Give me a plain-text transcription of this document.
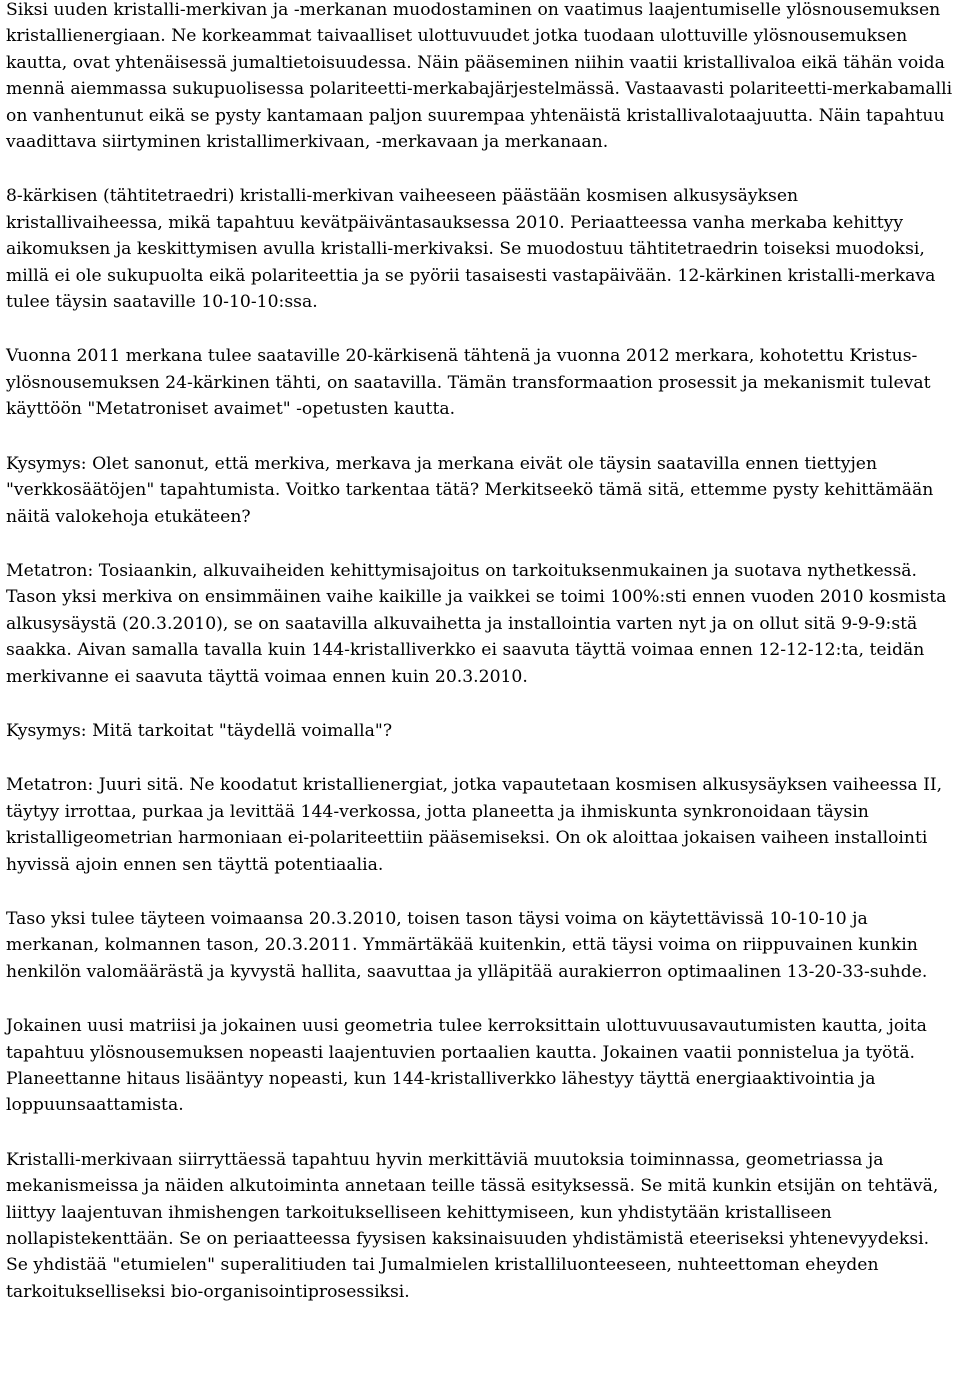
Siksi uuden kristalli-merkivan ja -merkanan muodostaminen on vaatimus laajentumiselle ylösnousemuksen kristallienergiaan. Ne korkeammat taivaalliset ulottuvuudet jotka tuodaan ulottuville ylösnousemuksen kautta, ovat yhtenäisessä jumaltietoisuudessa. Näin pääseminen niihin vaatii kristallivaloa eikä tähän voida mennä aiemmassa sukupuolisessa polariteetti-merkabajärjestelmässä. Vastaavasti polariteetti-merkabamalli on vanhentunut eikä se pysty kantamaan paljon suurempaa yhtenäistä kristallivalotaajuutta. Näin tapahtuu vaadittava siirtyminen kristallimerkivaan, -merkavaan ja merkanaan.

8-kärkisen (tähtitetraedri) kristalli-merkivan vaiheeseen päästään kosmisen alkusysäyksen kristallivaiheessa, mikä tapahtuu kevätpäiväntasauksessa 2010. Periaatteessa vanha merkaba kehittyy aikomuksen ja keskittymisen avulla kristalli-merkivaksi. Se muodostuu tähtitetraedrin toiseksi muodoksi, millä ei ole sukupuolta eikä polariteettia ja se pyörii tasaisesti vastapäivään. 12-kärkinen kristalli-merkava tulee täysin saataville 10-10-10:ssa.

Vuonna 2011 merkana tulee saataville 20-kärkisenä tähtenä ja vuonna 2012 merkara, kohotettu Kristus-ylösnousemuksen 24-kärkinen tähti, on saatavilla. Tämän transformaation prosessit ja mekanismit tulevat käyttöön "Metatroniset avaimet" -opetusten kautta.

Kysymys: Olet sanonut, että merkiva, merkava ja merkana eivät ole täysin saatavilla ennen tiettyjen "verkkosäätöjen" tapahtumista. Voitko tarkentaa tätä? Merkitseekö tämä sitä, ettemme pysty kehittämään näitä valokehoja etukäteen?

Metatron: Tosiaankin, alkuvaiheiden kehittymisajoitus on tarkoituksenmukainen ja suotava nythetkessä. Tason yksi merkiva on ensimmäinen vaihe kaikille ja vaikkei se toimi 100%:sti ennen vuoden 2010 kosmista alkusysäystä (20.3.2010), se on saatavilla alkuvaihetta ja installointia varten nyt ja on ollut sitä 9-9-9:stä saakka. Aivan samalla tavalla kuin 144-kristalliverkko ei saavuta täyttä voimaa ennen 12-12-12:ta, teidän merkivanne ei saavuta täyttä voimaa ennen kuin 20.3.2010.

Kysymys: Mitä tarkoitat "täydellä voimalla"?

Metatron: Juuri sitä. Ne koodatut kristallienergiat, jotka vapautetaan kosmisen alkusysäyksen vaiheessa II, täytyy irrottaa, purkaa ja levittää 144-verkossa, jotta planeetta ja ihmiskunta synkronoidaan täysin kristalligeometrian harmoniaan ei-polariteettiin pääsemiseksi. On ok aloittaa jokaisen vaiheen installointi hyvissä ajoin ennen sen täyttä potentiaalia.

Taso yksi tulee täyteen voimaansa 20.3.2010, toisen tason täysi voima on käytettävissä 10-10-10 ja merkanan, kolmannen tason, 20.3.2011. Ymmärtäkää kuitenkin, että täysi voima on riippuvainen kunkin henkilön valomäärästä ja kyvystä hallita, saavuttaa ja ylläpitää aurakierron optimaalinen 13-20-33-suhde.

Jokainen uusi matriisi ja jokainen uusi geometria tulee kerroksittain ulottuvuusavautumisten kautta, joita tapahtuu ylösnousemuksen nopeasti laajentuvien portaalien kautta. Jokainen vaatii ponnistelua ja työtä. Planeettanne hitaus lisääntyy nopeasti, kun 144-kristalliverkko lähestyy täyttä energiaaktivointia ja loppuunsaattamista.

Kristalli-merkivaan siirryttäessä tapahtuu hyvin merkittäviä muutoksia toiminnassa, geometriassa ja mekanismeissa ja näiden alkutoiminta annetaan teille tässä esityksessä. Se mitä kunkin etsijän on tehtävä, liittyy laajentuvan ihmishengen tarkoitukselliseen kehittymiseen, kun yhdistytään kristalliseen nollapistekenttään. Se on periaatteessa fyysisen kaksinaisuuden yhdistämistä eteeriseksi yhtenevyydeksi. Se yhdistää "etumielen" superalitiuden tai Jumalmielen kristalliluonteeseen, nuhteettoman eheyden tarkoitukselliseksi bio-organisointiprosessiksi.
